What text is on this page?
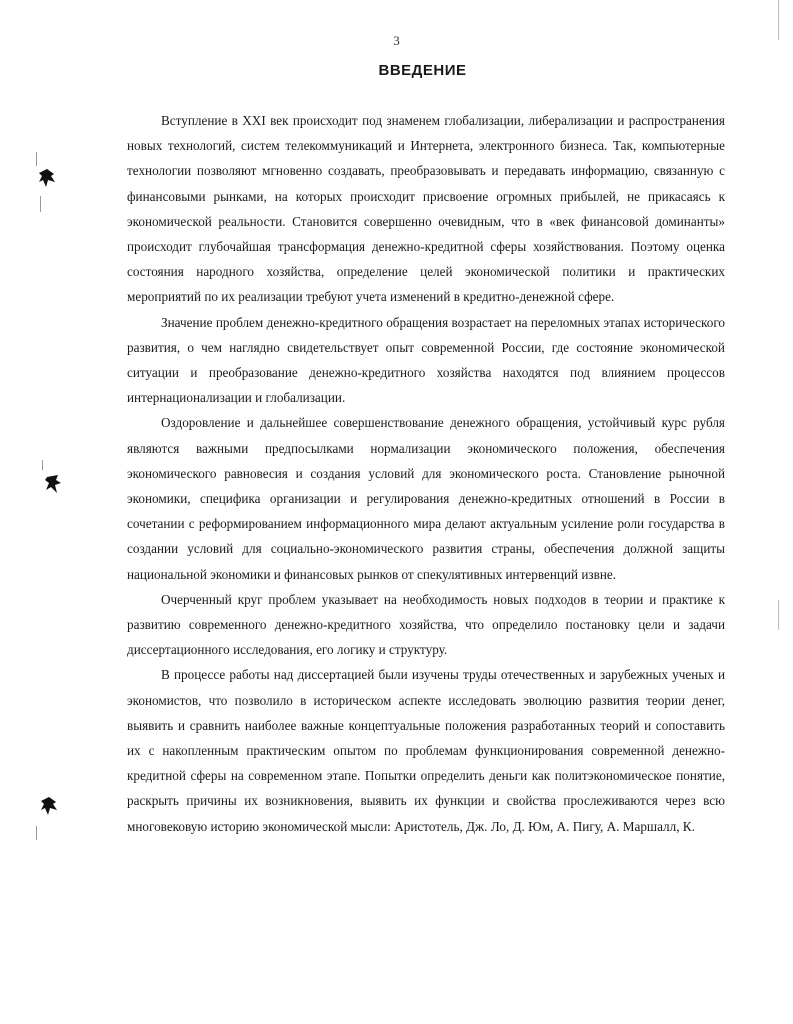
3
ВВЕДЕНИЕ

Вступление в XXI век происходит под знаменем глобализации, либерализации и распространения новых технологий, систем телекоммуникаций и Интернета, электронного бизнеса. Так, компьютерные технологии позволяют мгновенно создавать, преобразовывать и передавать информацию, связанную с финансовыми рынками, на которых происходит присвоение огромных прибылей, не прикасаясь к экономической реальности. Становится совершенно очевидным, что в «век финансовой доминанты» происходит глубочайшая трансформация денежно-кредитной сферы хозяйствования. Поэтому оценка состояния народного хозяйства, определение целей экономической политики и практических мероприятий по их реализации требуют учета изменений в кредитно-денежной сфере.

Значение проблем денежно-кредитного обращения возрастает на переломных этапах исторического развития, о чем наглядно свидетельствует опыт современной России, где состояние экономической ситуации и преобразование денежно-кредитного хозяйства находятся под влиянием процессов интернационализации и глобализации.

Оздоровление и дальнейшее совершенствование денежного обращения, устойчивый курс рубля являются важными предпосылками нормализации экономического положения, обеспечения экономического равновесия и создания условий для экономического роста. Становление рыночной экономики, специфика организации и регулирования денежно-кредитных отношений в России в сочетании с реформированием информационного мира делают актуальным усиление роли государства в создании условий для социально-экономического развития страны, обеспечения должной защиты национальной экономики и финансовых рынков от спекулятивных интервенций извне.

Очерченный круг проблем указывает на необходимость новых подходов в теории и практике к развитию современного денежно-кредитного хозяйства, что определило постановку цели и задачи диссертационного исследования, его логику и структуру.

В процессе работы над диссертацией были изучены труды отечественных и зарубежных ученых и экономистов, что позволило в историческом аспекте исследовать эволюцию развития теории денег, выявить и сравнить наиболее важные концептуальные положения разработанных теорий и сопоставить их с накопленным практическим опытом по проблемам функционирования современной денежно-кредитной сферы на современном этапе. Попытки определить деньги как политэкономическое понятие, раскрыть причины их возникновения, выявить их функции и свойства прослеживаются через всю многовековую историю экономической мысли: Аристотель, Дж. Ло, Д. Юм, А. Пигу, А. Маршалл, К.
